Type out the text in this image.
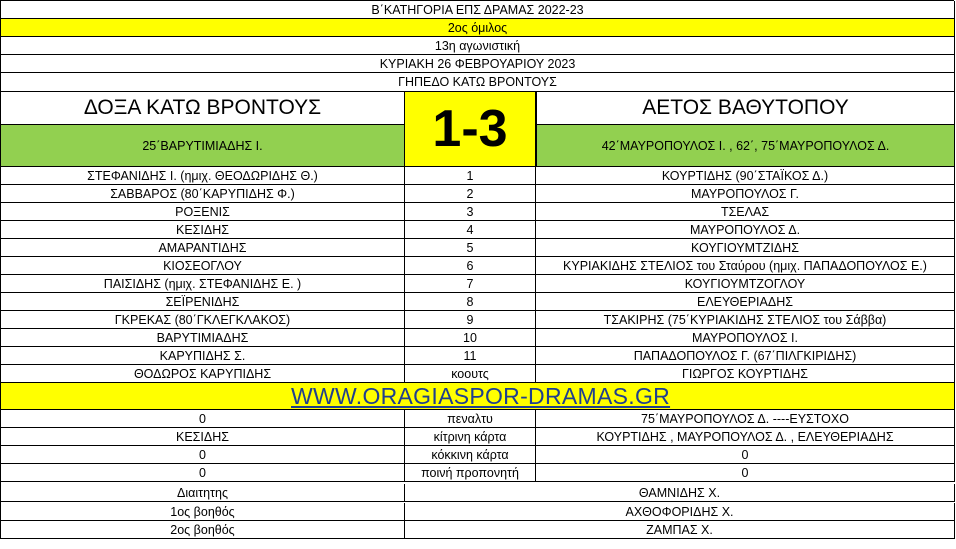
Β΄ΚΑΤΗΓΟΡΙΑ ΕΠΣ ΔΡΑΜΑΣ 2022-23
2ος όμιλος
13η αγωνιστική
ΚΥΡΙΑΚΗ 26 ΦΕΒΡΟΥΑΡΙΟΥ 2023
ΓΗΠΕΔΟ ΚΑΤΩ ΒΡΟΝΤΟΥΣ
ΔΟΞΑ ΚΑΤΩ ΒΡΟΝΤΟΥΣ	ΑΕΤΟΣ ΒΑΘΥΤΟΠΟΥ
25΄ΒΑΡΥΤΙΜΙΑΔΗΣ Ι.	42΄ΜΑΥΡΟΠΟΥΛΟΣ Ι. , 62΄, 75΄ΜΑΥΡΟΠΟΥΛΟΣ Δ.
1-3
ΣΤΕΦΑΝΙΔΗΣ Ι. (ημιχ. ΘΕΟΔΩΡΙΔΗΣ Θ.)	1	ΚΟΥΡΤΙΔΗΣ (90΄ΣΤΑΪΚΟΣ Δ.)
ΣΑΒΒΑΡΟΣ (80΄ΚΑΡΥΠΙΔΗΣ Φ.)	2	ΜΑΥΡΟΠΟΥΛΟΣ Γ.
ΡΟΞΕΝΙΣ	3	ΤΣΕΛΑΣ
ΚΕΣΙΔΗΣ	4	ΜΑΥΡΟΠΟΥΛΟΣ Δ.
ΑΜΑΡΑΝΤΙΔΗΣ	5	ΚΟΥΓΙΟΥΜΤΖΙΔΗΣ
ΚΙΟΣΕΟΓΛΟΥ	6	ΚΥΡΙΑΚΙΔΗΣ ΣΤΕΛΙΟΣ του Σταύρου (ημιχ. ΠΑΠΑΔΟΠΟΥΛΟΣ Ε.)
ΠΑΙΣΙΔΗΣ (ημιχ. ΣΤΕΦΑΝΙΔΗΣ Ε. )	7	ΚΟΥΓΙΟΥΜΤΖΟΓΛΟΥ
ΣΕΪΡΕΝΙΔΗΣ	8	ΕΛΕΥΘΕΡΙΑΔΗΣ
ΓΚΡΕΚΑΣ (80΄ΓΚΛΕΓΚΛΑΚΟΣ)	9	ΤΣΑΚΙΡΗΣ (75΄ΚΥΡΙΑΚΙΔΗΣ ΣΤΕΛΙΟΣ του Σάββα)
ΒΑΡΥΤΙΜΙΑΔΗΣ	10	ΜΑΥΡΟΠΟΥΛΟΣ Ι.
ΚΑΡΥΠΙΔΗΣ Σ.	11	ΠΑΠΑΔΟΠΟΥΛΟΣ Γ. (67΄ΠΙΛΓΚΙΡΙΔΗΣ)
ΘΟΔΩΡΟΣ ΚΑΡΥΠΙΔΗΣ	κοουτς	ΓΙΩΡΓΟΣ ΚΟΥΡΤΙΔΗΣ
WWW.ORAGIASPOR-DRAMAS.GR
0	πεναλτυ	75΄ΜΑΥΡΟΠΟΥΛΟΣ Δ. ----ΕΥΣΤΟΧΟ
ΚΕΣΙΔΗΣ	κίτρινη κάρτα	ΚΟΥΡΤΙΔΗΣ , ΜΑΥΡΟΠΟΥΛΟΣ Δ. , ΕΛΕΥΘΕΡΙΑΔΗΣ
0	κόκκινη κάρτα	0
0	ποινή προπονητή	0
Διαιτητης	ΘΑΜΝΙΔΗΣ Χ.
1ος βοηθός	ΑΧΘΟΦΟΡΙΔΗΣ Χ.
2ος βοηθός	ΖΑΜΠΑΣ Χ.
